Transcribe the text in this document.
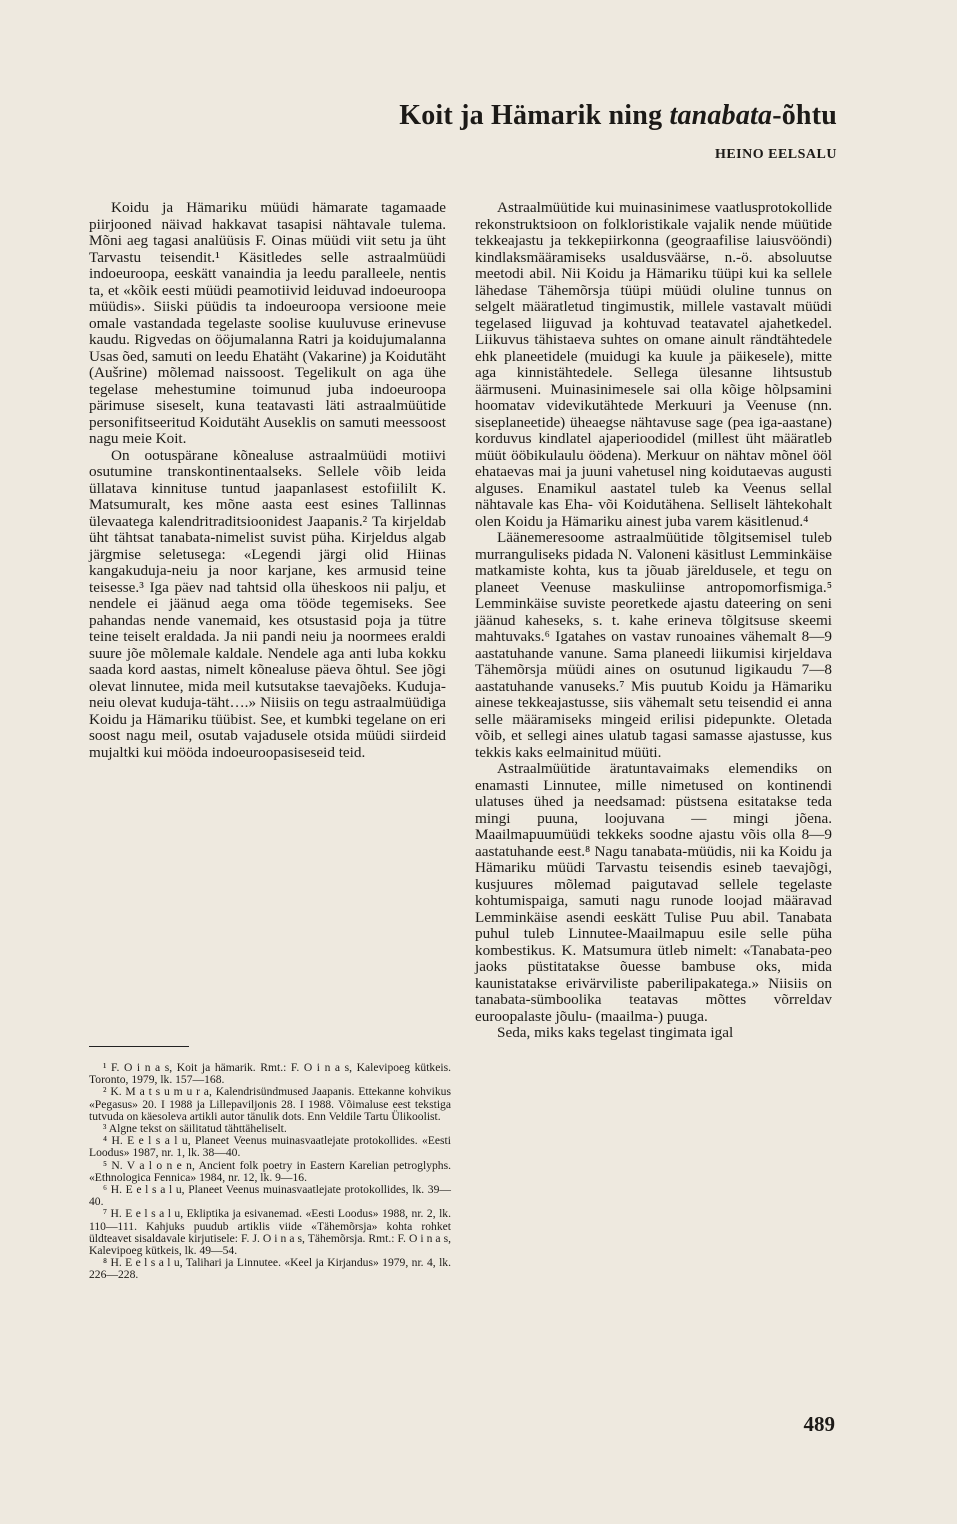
Koit ja Hämarik ning tanabata-õhtu
HEINO EELSALU

Koidu ja Hämariku müüdi hämarate tagamaade piirjooned näivad hakkavat tasapisi nähtavale tulema. Mõni aeg tagasi analüüsis F. Oinas müüdi viit setu ja üht Tarvastu teisendit.¹ Käsitledes selle astraalmüüdi indoeuroopa, eeskätt vanaindia ja leedu paralleele, nentis ta, et «kõik eesti müüdi peamotiivid leiduvad indoeuroopa müüdis». Siiski püüdis ta indoeuroopa versioone meie omale vastandada tegelaste soolise kuuluvuse erinevuse kaudu. Rigvedas on ööjumalanna Ratri ja koidujumalanna Usas õed, samuti on leedu Ehatäht (Vakarine) ja Koidutäht (Aušrine) mõlemad naissoost. Tegelikult on aga ühe tegelase mehestumine toimunud juba indoeuroopa pärimuse siseselt, kuna teatavasti läti astraalmüütide personifitseeritud Koidutäht Auseklis on samuti meessoost nagu meie Koit.

On ootuspärane kõnealuse astraalmüüdi motiivi osutumine transkontinentaalseks. Sellele võib leida üllatava kinnituse tuntud jaapanlasest estofiililt K. Matsumuralt, kes mõne aasta eest esines Tallinnas ülevaatega kalendritraditsioonidest Jaapanis.² Ta kirjeldab üht tähtsat tanabata-nimelist suvist püha. Kirjeldus algab järgmise seletusega: «Legendi järgi olid Hiinas kangakuduja-neiu ja noor karjane, kes armusid teine teisesse.³ Iga päev nad tahtsid olla üheskoos nii palju, et nendele ei jäänud aega oma tööde tegemiseks. See pahandas nende vanemaid, kes otsustasid poja ja tütre teine teiselt eraldada. Ja nii pandi neiu ja noormees eraldi suure jõe mõlemale kaldale. Nendele aga anti luba kokku saada kord aastas, nimelt kõnealuse päeva õhtul. See jõgi olevat linnutee, mida meil kutsutakse taevajõeks. Kuduja-neiu olevat kuduja-täht….» Niisiis on tegu astraalmüüdiga Koidu ja Hämariku tüübist. See, et kumbki tegelane on eri soost nagu meil, osutab vajadusele otsida müüdi siirdeid mujaltki kui mööda indoeuroopasiseseid teid.

Astraalmüütide kui muinasinimese vaatlusprotokollide rekonstruktsioon on folkloristikale vajalik nende müütide tekkeajastu ja tekkepiirkonna (geograafilise laiusvööndi) kindlaksmääramiseks usaldusväärse, n.-ö. absoluutse meetodi abil. Nii Koidu ja Hämariku tüüpi kui ka sellele lähedase Tähemõrsja tüüpi müüdi oluline tunnus on selgelt määratletud tingimustik, millele vastavalt müüdi tegelased liiguvad ja kohtuvad teatavatel ajahetkedel. Liikuvus tähistaeva suhtes on omane ainult rändtähtedele ehk planeetidele (muidugi ka kuule ja päikesele), mitte aga kinnistähtedele. Sellega ülesanne lihtsustub äärmuseni. Muinasinimesele sai olla kõige hõlpsamini hoomatav videvikutähtede Merkuuri ja Veenuse (nn. siseplaneetide) üheaegse nähtavuse sage (pea iga-aastane) korduvus kindlatel ajaperioodidel (millest üht määratleb müüt ööbikulaulu öödena). Merkuur on nähtav mõnel ööl ehataevas mai ja juuni vahetusel ning koidutaevas augusti alguses. Enamikul aastatel tuleb ka Veenus sellal nähtavale kas Eha- või Koidutähena. Selliselt lähtekohalt olen Koidu ja Hämariku ainest juba varem käsitlenud.⁴

Läänemeresoome astraalmüütide tõlgitsemisel tuleb murranguliseks pidada N. Valoneni käsitlust Lemminkäise matkamiste kohta, kus ta jõuab järeldusele, et tegu on planeet Veenuse maskuliinse antropomorfismiga.⁵ Lemminkäise suviste peoretkede ajastu dateering on seni jäänud kaheseks, s. t. kahe erineva tõlgitsuse skeemi mahtuvaks.⁶ Igatahes on vastav runoaines vähemalt 8—9 aastatuhande vanune. Sama planeedi liikumisi kirjeldava Tähemõrsja müüdi aines on osutunud ligikaudu 7—8 aastatuhande vanuseks.⁷ Mis puutub Koidu ja Hämariku ainese tekkeajastusse, siis vähemalt setu teisendid ei anna selle määramiseks mingeid erilisi pidepunkte. Oletada võib, et sellegi aines ulatub tagasi samasse ajastusse, kus tekkis kaks eelmainitud müüti.

Astraalmüütide äratuntavaimaks elemendiks on enamasti Linnutee, mille nimetused on kontinendi ulatuses ühed ja needsamad: püstsena esitatakse teda mingi puuna, loojuvana — mingi jõena. Maailmapuumüüdi tekkeks soodne ajastu võis olla 8—9 aastatuhande eest.⁸ Nagu tanabata-müüdis, nii ka Koidu ja Hämariku müüdi Tarvastu teisendis esineb taevajõgi, kusjuures mõlemad paigutavad sellele tegelaste kohtumispaiga, samuti nagu runode loojad määravad Lemminkäise asendi eeskätt Tulise Puu abil. Tanabata puhul tuleb Linnutee-Maailmapuu esile selle püha kombestikus. K. Matsumura ütleb nimelt: «Tanabata-peo jaoks püstitatakse õuesse bambuse oks, mida kaunistatakse erivärviliste paberilipakatega.» Niisiis on tanabata-sümboolika teatavas mõttes võrreldav euroopalaste jõulu- (maailma-) puuga.

Seda, miks kaks tegelast tingimata igal

¹ F. O i n a s, Koit ja hämarik. Rmt.: F. O i n a s, Kalevipoeg kütkeis. Toronto, 1979, lk. 157—168.

² K. M a t s u m u r a, Kalendrisündmused Jaapanis. Ettekanne kohvikus «Pegasus» 20. I 1988 ja Lillepaviljonis 28. I 1988. Võimaluse eest tekstiga tutvuda on käesoleva artikli autor tänulik dots. Enn Veldile Tartu Ülikoolist.

³ Algne tekst on säilitatud tähttäheliselt.

⁴ H. E e l s a l u, Planeet Veenus muinasvaatlejate protokollides. «Eesti Loodus» 1987, nr. 1, lk. 38—40.

⁵ N. V a l o n e n, Ancient folk poetry in Eastern Karelian petroglyphs. «Ethnologica Fennica» 1984, nr. 12, lk. 9—16.

⁶ H. E e l s a l u, Planeet Veenus muinasvaatlejate protokollides, lk. 39—40.

⁷ H. E e l s a l u, Ekliptika ja esivanemad. «Eesti Loodus» 1988, nr. 2, lk. 110—111. Kahjuks puudub artiklis viide «Tähemõrsja» kohta rohket üldteavet sisaldavale kirjutisele: F. J. O i n a s, Tähemõrsja. Rmt.: F. O i n a s, Kalevipoeg kütkeis, lk. 49—54.

⁸ H. E e l s a l u, Talihari ja Linnutee. «Keel ja Kirjandus» 1979, nr. 4, lk. 226—228.

489
